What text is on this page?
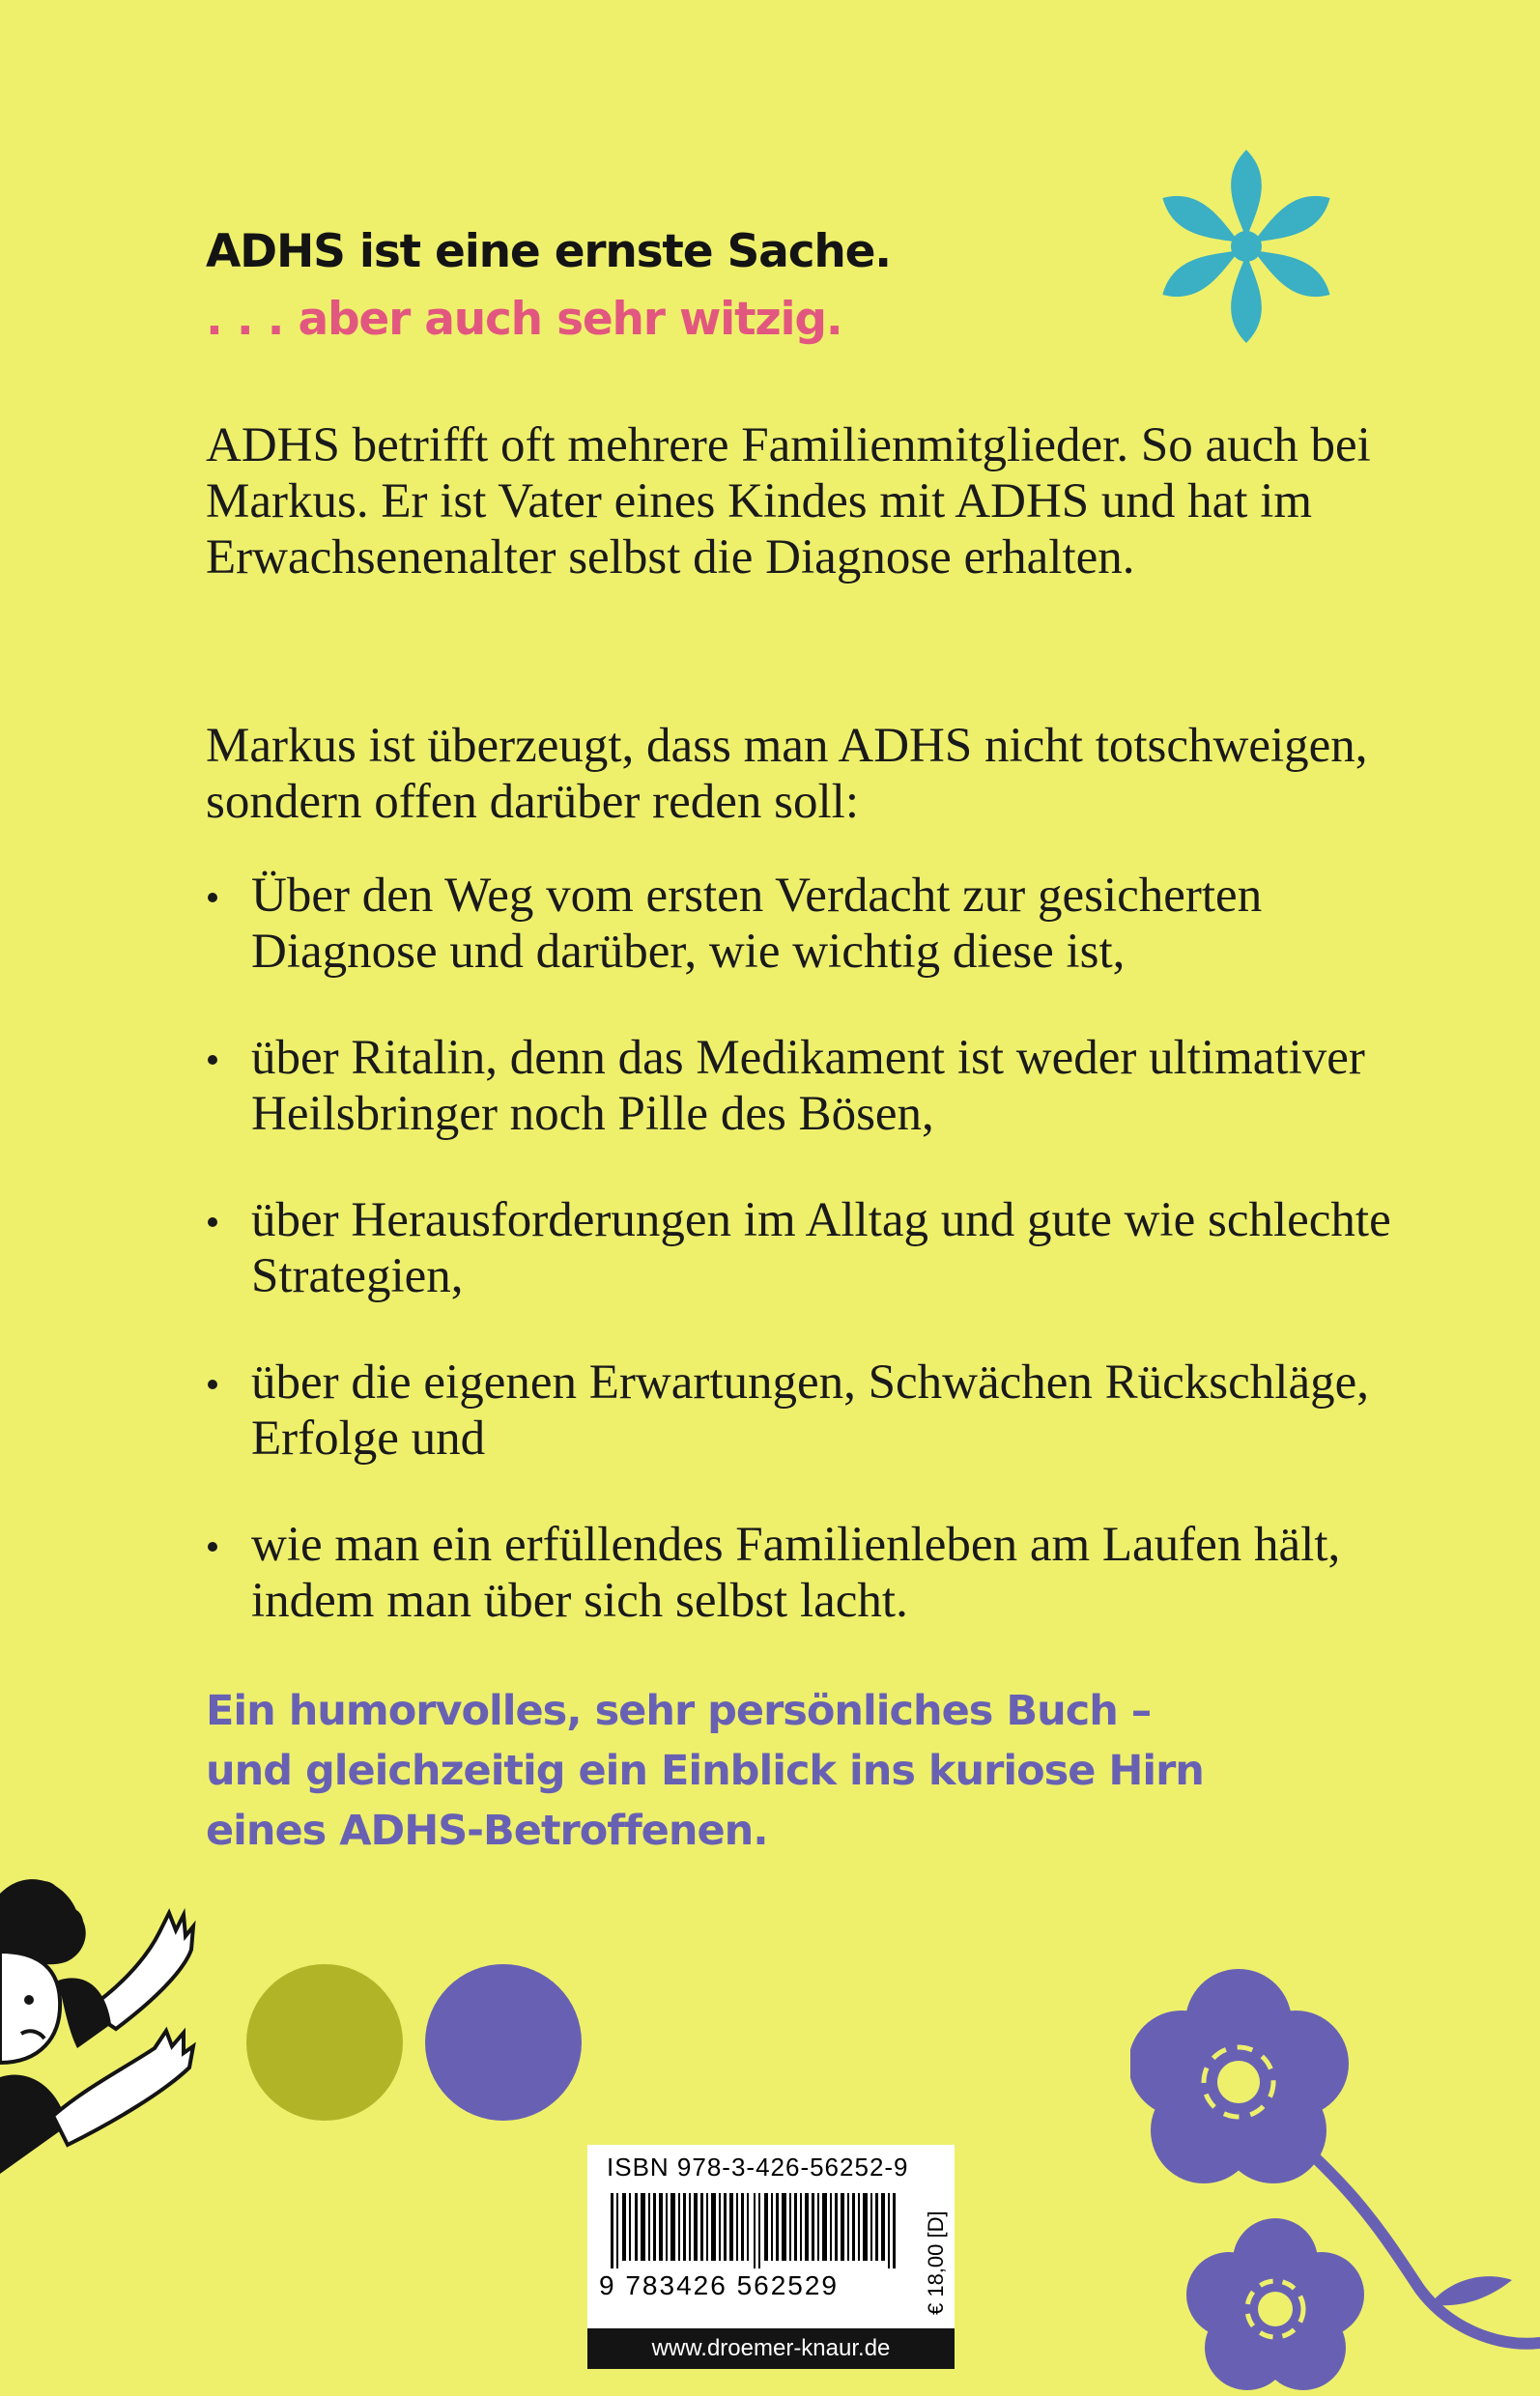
ADHS ist eine ernste Sache.
. . . aber auch sehr witzig.

ADHS betrifft oft mehrere Familienmitglieder. So auch bei Markus. Er ist Vater eines Kindes mit ADHS und hat im Erwachsenenalter selbst die Diagnose erhalten.

Markus ist überzeugt, dass man ADHS nicht totschweigen, sondern offen darüber reden soll:

Über den Weg vom ersten Verdacht zur gesicherten Diagnose und darüber, wie wichtig diese ist,
über Ritalin, denn das Medikament ist weder ultimativer Heilsbringer noch Pille des Bösen,
über Herausforderungen im Alltag und gute wie schlechte Strategien,
über die eigenen Erwartungen, Schwächen Rückschläge, Erfolge und
wie man ein erfüllendes Familienleben am Laufen hält, indem man über sich selbst lacht.
Ein humorvolles, sehr persönliches Buch –
und gleichzeitig ein Einblick ins kuriose Hirn
eines ADHS-Betroffenen.
ISBN 978-3-426-56252-9
9 783426 562529	€ 18,00 [D]
www.droemer-knaur.de
